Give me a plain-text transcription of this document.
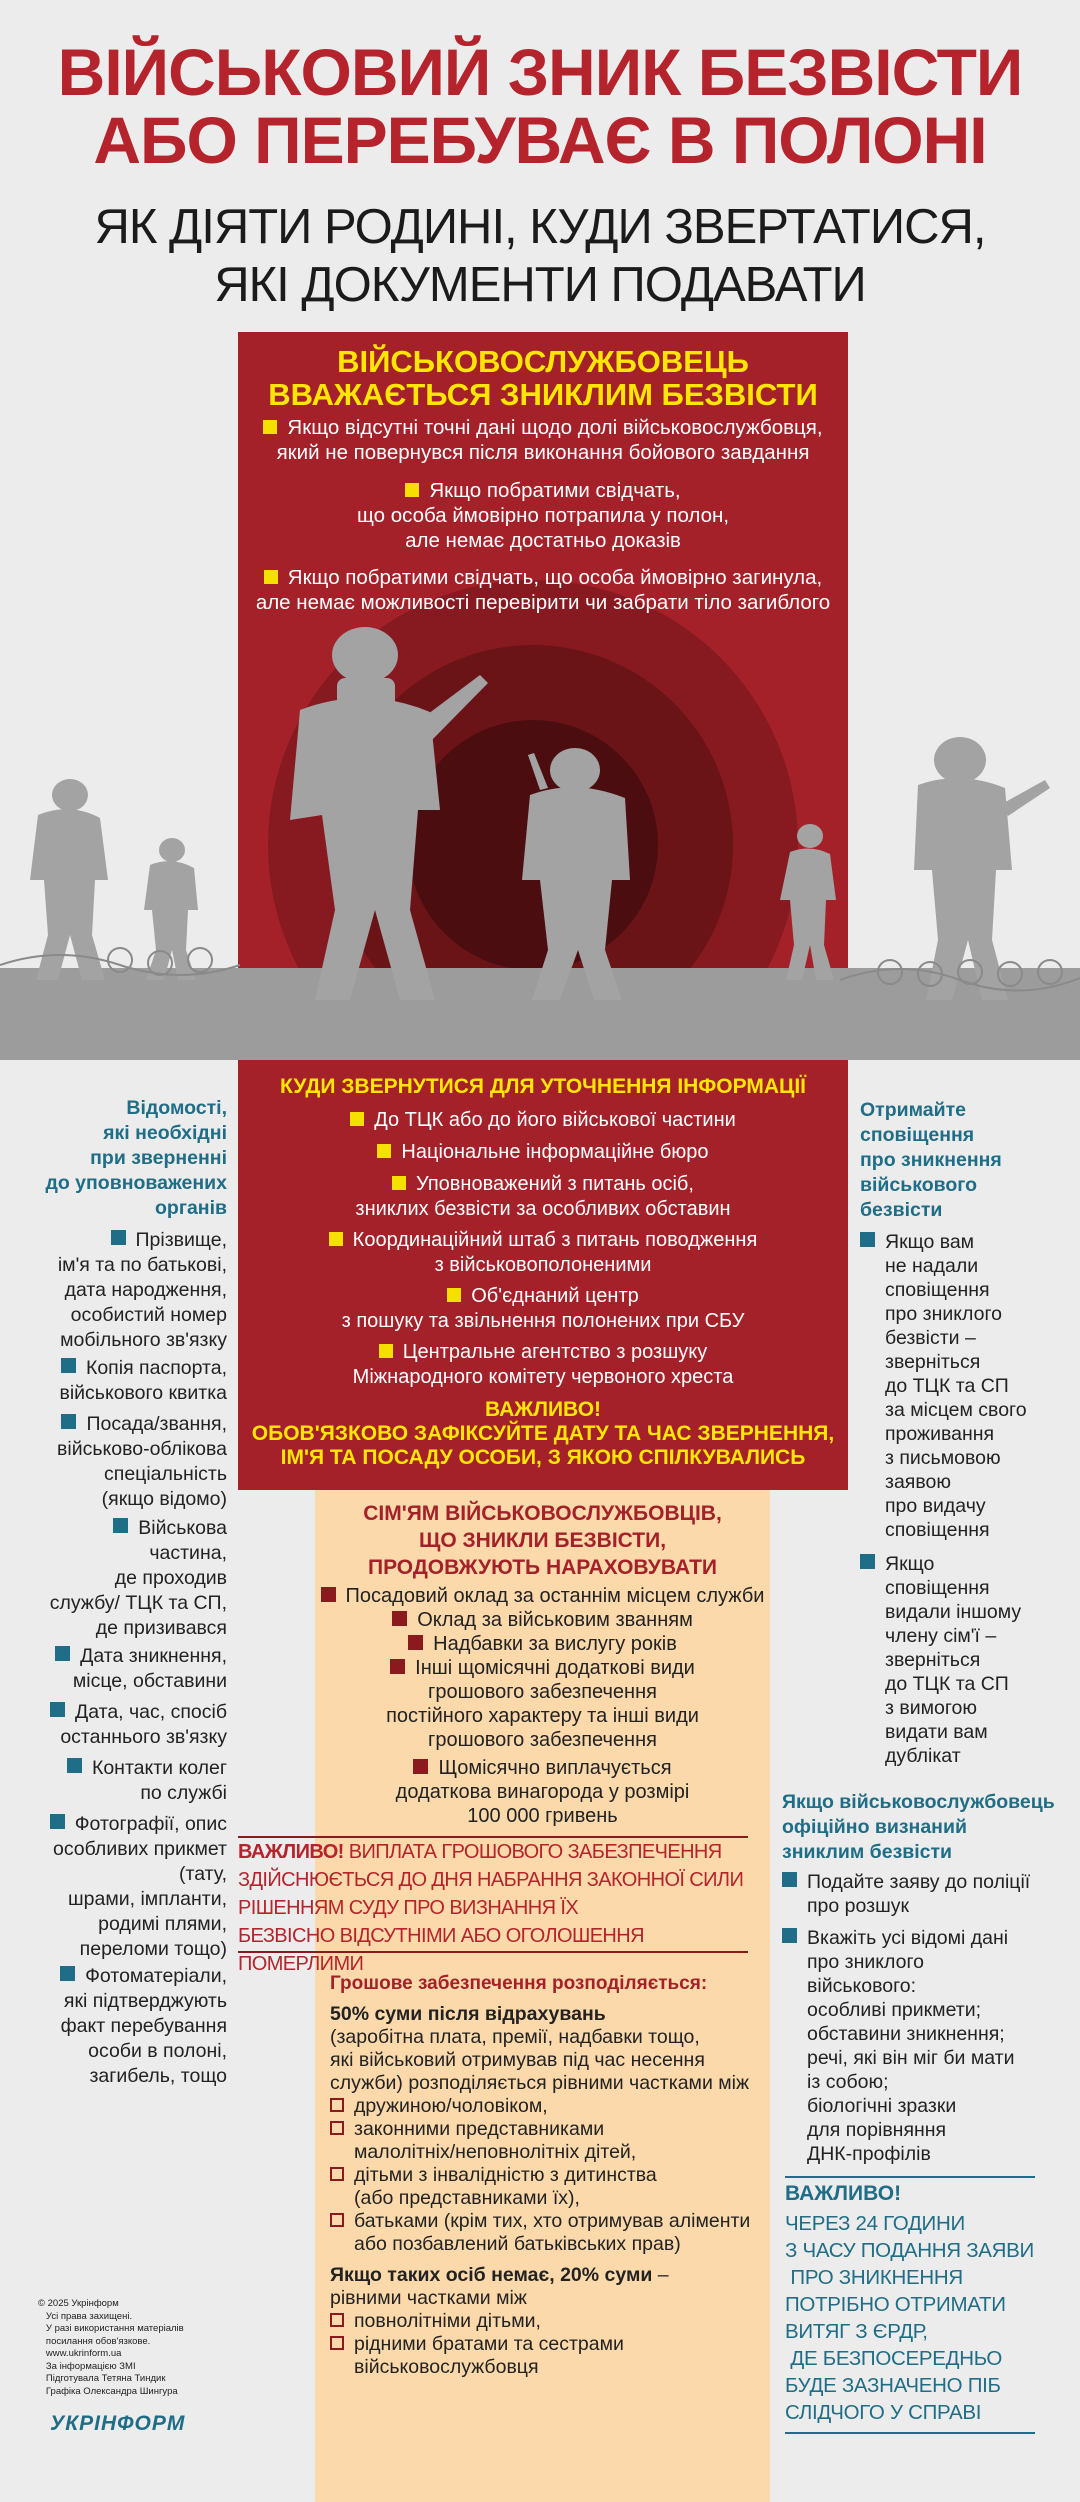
ВІЙСЬКОВИЙ ЗНИК БЕЗВІСТИ
АБО ПЕРЕБУВАЄ В ПОЛОНІ
ЯК ДІЯТИ РОДИНІ, КУДИ ЗВЕРТАТИСЯ,
ЯКІ ДОКУМЕНТИ ПОДАВАТИ
ВІЙСЬКОВОСЛУЖБОВЕЦЬ
ВВАЖАЄТЬСЯ ЗНИКЛИМ БЕЗВІСТИ
Якщо відсутні точні дані щодо долі військовослужбовця,
який не повернувся після виконання бойового завдання
Якщо побратими свідчать,
що особа ймовірно потрапила у полон,
але немає достатньо доказів
Якщо побратими свідчать, що особа ймовірно загинула,
але немає можливості перевірити чи забрати тіло загиблого
КУДИ ЗВЕРНУТИСЯ ДЛЯ УТОЧНЕННЯ ІНФОРМАЦІЇ
До ТЦК або до його військової частини
Національне інформаційне бюро
Уповноважений з питань осіб,
зниклих безвісти за особливих обставин
Координаційний штаб з питань поводження
з військовополоненими
Об'єднаний центр
з пошуку та звільнення полонених при СБУ
Центральне агентство з розшуку
Міжнародного комітету червоного хреста
ВАЖЛИВО!
ОБОВ'ЯЗКОВО ЗАФІКСУЙТЕ ДАТУ ТА ЧАС ЗВЕРНЕННЯ,
ІМ'Я ТА ПОСАДУ ОСОБИ, З ЯКОЮ СПІЛКУВАЛИСЬ
СІМ'ЯМ ВІЙСЬКОВОСЛУЖБОВЦІВ,
ЩО ЗНИКЛИ БЕЗВІСТИ,
ПРОДОВЖУЮТЬ НАРАХОВУВАТИ
Посадовий оклад за останнім місцем служби
Оклад за військовим званням
Надбавки за вислугу років
Інші щомісячні додаткові види
грошового забезпечення
постійного характеру та інші види
грошового забезпечення
Щомісячно виплачується
додаткова винагорода у розмірі
100 000 гривень
ВАЖЛИВО! ВИПЛАТА ГРОШОВОГО ЗАБЕЗПЕЧЕННЯ
ЗДІЙСНЮЄТЬСЯ ДО ДНЯ НАБРАННЯ ЗАКОННОЇ СИЛИ
РІШЕННЯМ СУДУ ПРО ВИЗНАННЯ ЇХ
БЕЗВІСНО ВІДСУТНІМИ АБО ОГОЛОШЕННЯ ПОМЕРЛИМИ
Грошове забезпечення розподіляється:
50% суми після відрахувань
(заробітна плата, премії, надбавки тощо,
які військовий отримував під час несення
служби) розподіляється рівними частками між
дружиною/чоловіком,
законними представниками
малолітніх/неповнолітніх дітей,
дітьми з інвалідністю з дитинства
(або представниками їх),
батьками (крім тих, хто отримував аліменти
або позбавлений батьківських прав)
Якщо таких осіб немає, 20% суми –
рівними частками між
повнолітніми дітьми,
рідними братами та сестрами
військовослужбовця
Відомості,
які необхідні
при зверненні
до уповноважених
органів
Прізвище,
ім'я та по батькові,
дата народження,
особистий номер
мобільного зв'язку
Копія паспорта,
військового квитка
Посада/звання,
військово-облікова
спеціальність
(якщо відомо)
Військова
частина,
де проходив
службу/ ТЦК та СП,
де призивався
Дата зникнення,
місце, обставини
Дата, час, спосіб
останнього зв'язку
Контакти колег
по службі
Фотографії, опис
особливих прикмет
(тату,
шрами, імпланти,
родимі плями,
переломи тощо)
Фотоматеріали,
які підтверджують
факт перебування
особи в полоні,
загибель, тощо
Отримайте
сповіщення
про зникнення
військового
безвісти
Якщо вам
не надали
сповіщення
про зниклого
безвісти –
зверніться
до ТЦК та СП
за місцем свого
проживання
з письмовою
заявою
про видачу
сповіщення
Якщо
сповіщення
видали іншому
члену сім'ї –
зверніться
до ТЦК та СП
з вимогою
видати вам
дублікат
Якщо військовослужбовець
офіційно визнаний
зниклим безвісти
Подайте заяву до поліції
про розшук
Вкажіть усі відомі дані
про зниклого
військового:
особливі прикмети;
обставини зникнення;
речі, які він міг би мати
із собою;
біологічні зразки
для порівняння
ДНК-профілів
ВАЖЛИВО!
ЧЕРЕЗ 24 ГОДИНИ
З ЧАСУ ПОДАННЯ ЗАЯВИ
ПРО ЗНИКНЕННЯ
ПОТРІБНО ОТРИМАТИ
ВИТЯГ З ЄРДР,
ДЕ БЕЗПОСЕРЕДНЬО
БУДЕ ЗАЗНАЧЕНО ПІБ
СЛІДЧОГО У СПРАВІ
© 2025 Укрінформ
Усі права захищені.
У разі використання матеріалів
посилання обов'язкове.
www.ukrinform.ua
За інформацією ЗМІ
Підготувала Тетяна Тиндик
Графіка Олександра Шингура
УКРІНФОРМ
